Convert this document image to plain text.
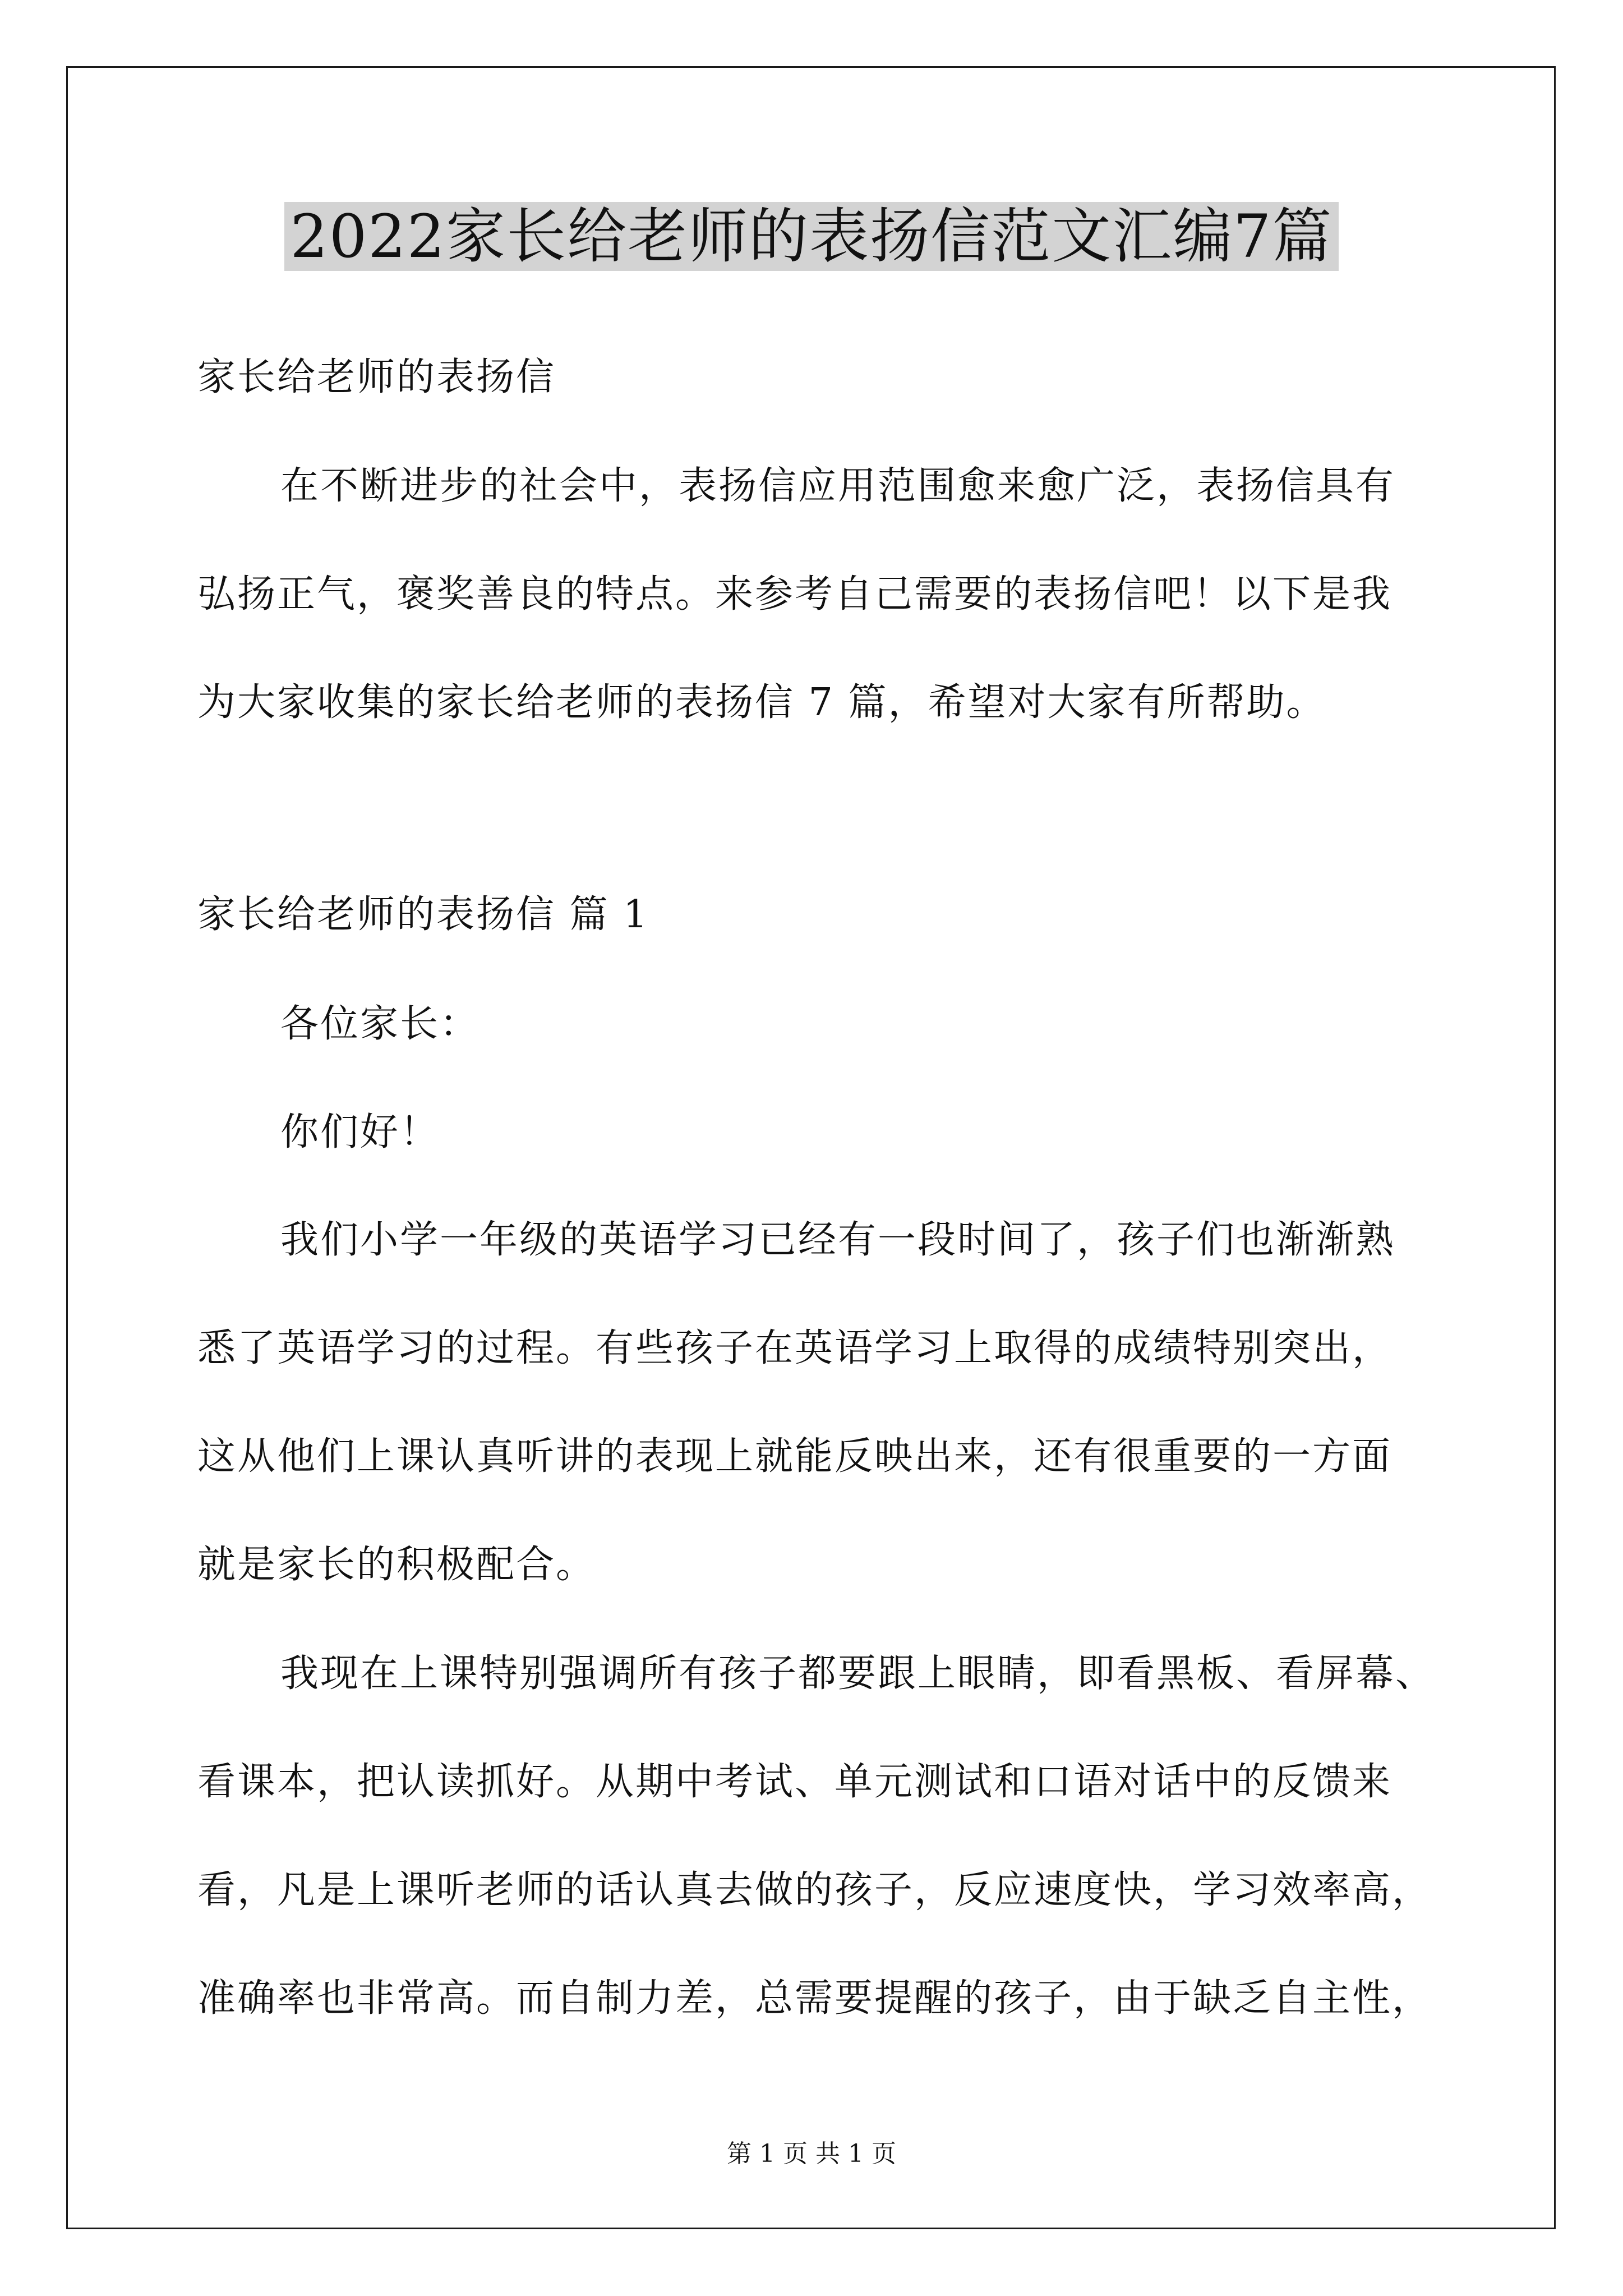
2022家长给老师的表扬信范文汇编7篇
家长给老师的表扬信
在不断进步的社会中，表扬信应用范围愈来愈广泛，表扬信具有
弘扬正气，褒奖善良的特点。来参考自己需要的表扬信吧！以下是我
为大家收集的家长给老师的表扬信 7 篇，希望对大家有所帮助。
家长给老师的表扬信 篇 1
各位家长：
你们好！
我们小学一年级的英语学习已经有一段时间了，孩子们也渐渐熟
悉了英语学习的过程。有些孩子在英语学习上取得的成绩特别突出，
这从他们上课认真听讲的表现上就能反映出来，还有很重要的一方面
就是家长的积极配合。
我现在上课特别强调所有孩子都要跟上眼睛，即看黑板、看屏幕、
看课本，把认读抓好。从期中考试、单元测试和口语对话中的反馈来
看，凡是上课听老师的话认真去做的孩子，反应速度快，学习效率高，
准确率也非常高。而自制力差，总需要提醒的孩子，由于缺乏自主性，
第 1 页 共 1 页
